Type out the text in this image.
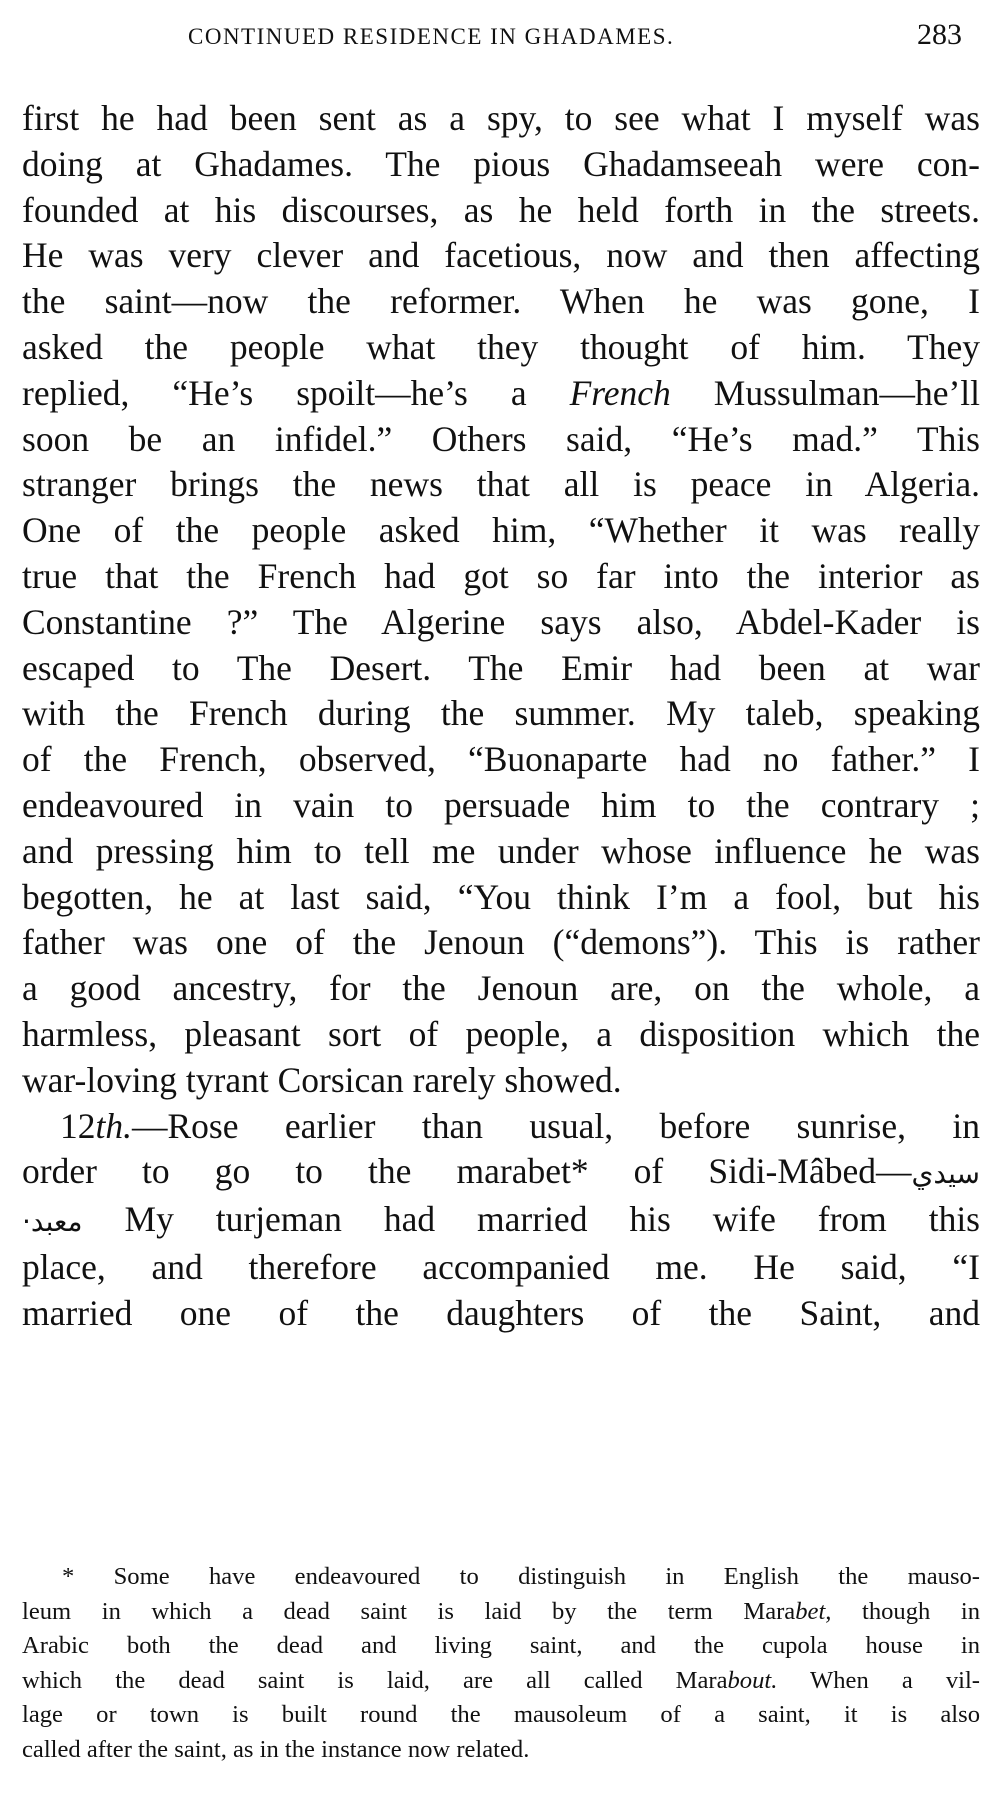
CONTINUED RESIDENCE IN GHADAMES.	283
first he had been sent as a spy, to see what I myself was
doing at Ghadames. The pious Ghadamseeah were con-
founded at his discourses, as he held forth in the streets.
He was very clever and facetious, now and then affecting
the saint—now the reformer. When he was gone, I
asked the people what they thought of him. They
replied, “He’s spoilt—he’s a French Mussulman—he’ll
soon be an infidel.” Others said, “He’s mad.” This
stranger brings the news that all is peace in Algeria.
One of the people asked him, “Whether it was really
true that the French had got so far into the interior as
Constantine ?” The Algerine says also, Abdel-Kader is
escaped to The Desert. The Emir had been at war
with the French during the summer. My taleb, speaking
of the French, observed, “Buonaparte had no father.” I
endeavoured in vain to persuade him to the contrary ;
and pressing him to tell me under whose influence he was
begotten, he at last said, “You think I’m a fool, but his
father was one of the Jenoun (“demons”). This is rather
a good ancestry, for the Jenoun are, on the whole, a
harmless, pleasant sort of people, a disposition which the
war-loving tyrant Corsican rarely showed.
12th.—Rose earlier than usual, before sunrise, in
order to go to the marabet* of Sidi-Mâbed—سيدي
معبد· My turjeman had married his wife from this
place, and therefore accompanied me. He said, “I
married one of the daughters of the Saint, and
* Some have endeavoured to distinguish in English the mauso-
leum in which a dead saint is laid by the term Marabet, though in
Arabic both the dead and living saint, and the cupola house in
which the dead saint is laid, are all called Marabout. When a vil-
lage or town is built round the mausoleum of a saint, it is also
called after the saint, as in the instance now related.
